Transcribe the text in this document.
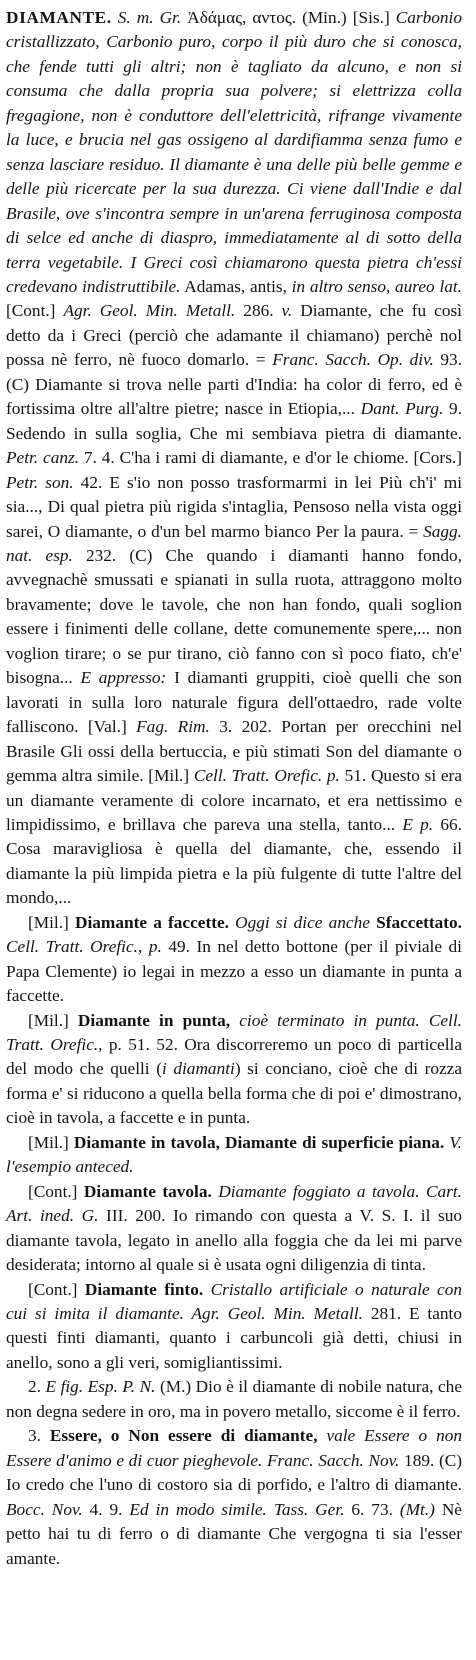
DIAMANTE. S. m. Gr. Ἀδάμας, αντος. (Min.) [Sis.] Carbonio cristallizzato, Carbonio puro, corpo il più duro che si conosca, che fende tutti gli altri; non è tagliato da alcuno, e non si consuma che dalla propria sua polvere; si elettrizza colla fregagione, non è conduttore dell'elettricità, rifrange vivamente la luce, e brucia nel gas ossigeno al dardifiamma senza fumo e senza lasciare residuo. Il diamante è una delle più belle gemme e delle più ricercate per la sua durezza. Ci viene dall'Indie e dal Brasile, ove s'incontra sempre in un'arena ferruginosa composta di selce ed anche di diaspro, immediatamente al di sotto della terra vegetabile. I Greci così chiamarono questa pietra ch'essi credevano indistruttibile. Adamas, antis, in altro senso, aureo lat. [Cont.] Agr. Geol. Min. Metall. 286. v. Diamante, che fu così detto da i Greci (perciò che adamante il chiamano) perchè nol possa nè ferro, nè fuoco domarlo. = Franc. Sacch. Op. div. 93. (C) Diamante si trova nelle parti d'India: ha color di ferro, ed è fortissima oltre all'altre pietre; nasce in Etiopia,... Dant. Purg. 9. Sedendo in sulla soglia, Che mi sembiava pietra di diamante. Petr. canz. 7. 4. C'ha i rami di diamante, e d'or le chiome. [Cors.] Petr. son. 42. E s'io non posso trasformarmi in lei Più ch'i' mi sia..., Di qual pietra più rigida s'intaglia, Pensoso nella vista oggi sarei, O diamante, o d'un bel marmo bianco Per la paura. = Sagg. nat. esp. 232. (C) Che quando i diamanti hanno fondo, avvegnachè smussati e spianati in sulla ruota, attraggono molto bravamente; dove le tavole, che non han fondo, quali soglion essere i finimenti delle collane, dette comunemente spere,... non voglion tirare; o se pur tirano, ciò fanno con sì poco fiato, ch'e' bisogna... E appresso: I diamanti gruppiti, cioè quelli che son lavorati in sulla loro naturale figura dell'ottaedro, rade volte falliscono. [Val.] Fag. Rim. 3. 202. Portan per orecchini nel Brasile Gli ossi della bertuccia, e più stimati Son del diamante o gemma altra simile. [Mil.] Cell. Tratt. Orefic. p. 51. Questo si era un diamante veramente di colore incarnato, et era nettissimo e limpidissimo, e brillava che pareva una stella, tanto... E p. 66. Cosa maravigliosa è quella del diamante, che, essendo il diamante la più limpida pietra e la più fulgente di tutte l'altre del mondo,...

[Mil.] Diamante a faccette. Oggi si dice anche Sfaccettato. Cell. Tratt. Orefic., p. 49. In nel detto bottone (per il piviale di Papa Clemente) io legai in mezzo a esso un diamante in punta a faccette.

[Mil.] Diamante in punta, cioè terminato in punta. Cell. Tratt. Orefic., p. 51. 52. Ora discorreremo un poco di particella del modo che quelli (i diamanti) si conciano, cioè che di rozza forma e' si riducono a quella bella forma che di poi e' dimostrano, cioè in tavola, a faccette e in punta.

[Mil.] Diamante in tavola, Diamante di superficie piana. V. l'esempio anteced.

[Cont.] Diamante tavola. Diamante foggiato a tavola. Cart. Art. ined. G. III. 200. Io rimando con questa a V. S. I. il suo diamante tavola, legato in anello alla foggia che da lei mi parve desiderata; intorno al quale si è usata ogni diligenzia di tinta.

[Cont.] Diamante finto. Cristallo artificiale o naturale con cui si imita il diamante. Agr. Geol. Min. Metall. 281. E tanto questi finti diamanti, quanto i carbuncoli già detti, chiusi in anello, sono a gli veri, somigliantissimi.

2. E fig. Esp. P. N. (M.) Dio è il diamante di nobile natura, che non degna sedere in oro, ma in povero metallo, siccome è il ferro.

3. Essere, o Non essere di diamante, vale Essere o non Essere d'animo e di cuor pieghevole. Franc. Sacch. Nov. 189. (C) Io credo che l'uno di costoro sia di porfido, e l'altro di diamante. Bocc. Nov. 4. 9. Ed in modo simile. Tass. Ger. 6. 73. (Mt.) Nè petto hai tu di ferro o di diamante Che vergogna ti sia l'esser amante.
